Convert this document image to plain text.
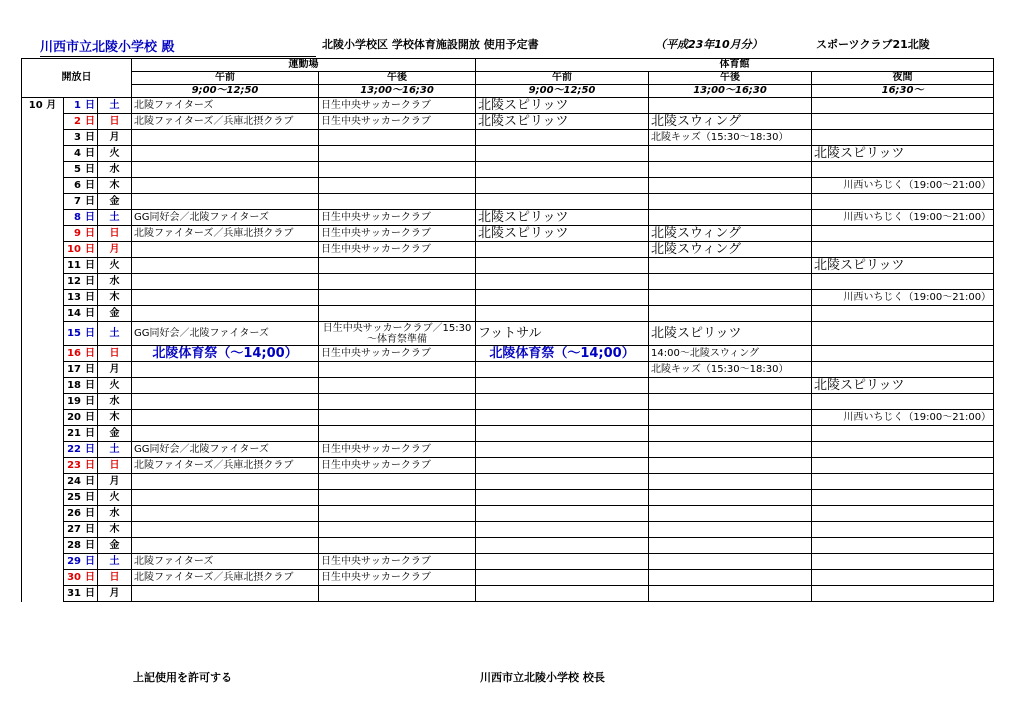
川西市立北陵小学校 殿	北陵小学校区 学校体育施設開放 使用予定書	（平成23年10月分）	スポーツクラブ21北陵
開放日			運動場		体育館		
			午前	午後	午前	午後	夜間
			9;00～12;50	13;00～16;30	9;00～12;50	13;00～16;30	16;30～
10 月	1 日	土	北陵ファイターズ	日生中央サッカークラブ	北陵スピリッツ		
	2 日	日	北陵ファイターズ／兵庫北摂クラブ	日生中央サッカークラブ	北陵スピリッツ	北陵スウィング	
	3 日	月				北陵キッズ（15:30～18:30）	
	4 日	火					北陵スピリッツ
	5 日	水					
	6 日	木					川西いちじく（19:00～21:00）
	7 日	金					
	8 日	土	GG同好会／北陵ファイターズ	日生中央サッカークラブ	北陵スピリッツ		川西いちじく（19:00～21:00）
	9 日	日	北陵ファイターズ／兵庫北摂クラブ	日生中央サッカークラブ	北陵スピリッツ	北陵スウィング	
	10 日	月		日生中央サッカークラブ		北陵スウィング	
	11 日	火					北陵スピリッツ
	12 日	水					
	13 日	木					川西いちじく（19:00～21:00）
	14 日	金					
	15 日	土	GG同好会／北陵ファイターズ	日生中央サッカークラブ／15:30～体育祭準備	フットサル	北陵スピリッツ	
	16 日	日	北陵体育祭（～14;00）	日生中央サッカークラブ	北陵体育祭（～14;00）	14:00～北陵スウィング	
	17 日	月				北陵キッズ（15:30～18:30）	
	18 日	火					北陵スピリッツ
	19 日	水					
	20 日	木					川西いちじく（19:00～21:00）
	21 日	金					
	22 日	土	GG同好会／北陵ファイターズ	日生中央サッカークラブ			
	23 日	日	北陵ファイターズ／兵庫北摂クラブ	日生中央サッカークラブ			
	24 日	月					
	25 日	火					
	26 日	水					
	27 日	木					
	28 日	金					
	29 日	土	北陵ファイターズ	日生中央サッカークラブ			
	30 日	日	北陵ファイターズ／兵庫北摂クラブ	日生中央サッカークラブ			
	31 日	月					
上記使用を許可する	川西市立北陵小学校 校長
